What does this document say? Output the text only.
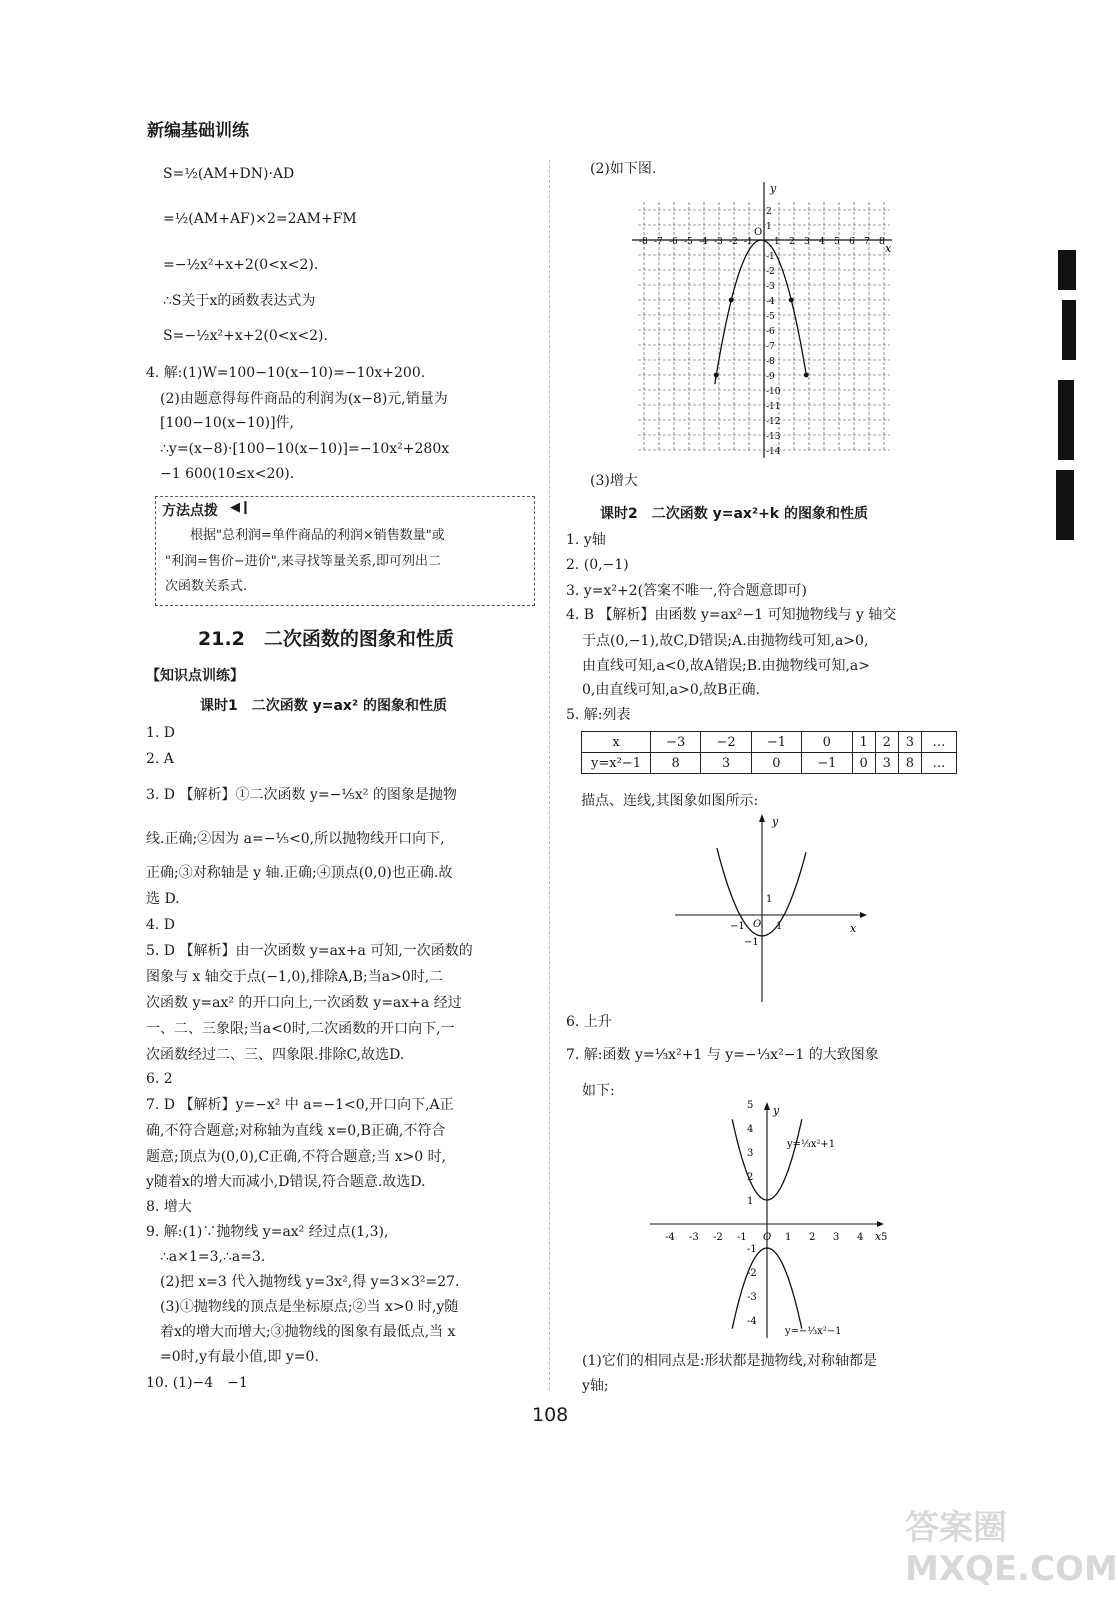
新编基础训练
S=½(AM+DN)·AD
=½(AM+AF)×2=2AM+FM
=−½x²+x+2(0<x<2).
∴S关于x的函数表达式为
S=−½x²+x+2(0<x<2).
4. 解:(1)W=100−10(x−10)=−10x+200.
(2)由题意得每件商品的利润为(x−8)元,销量为
[100−10(x−10)]件,
∴y=(x−8)·[100−10(x−10)]=−10x²+280x
−1 600(10≤x<20).
方法点拨 ◀❙
根据"总利润=单件商品的利润×销售数量"或
"利润=售价−进价",来寻找等量关系,即可列出二
次函数关系式.
21.2　二次函数的图象和性质
【知识点训练】
课时1　二次函数 y=ax² 的图象和性质
1. D
2. A
3. D 【解析】①二次函数 y=−⅕x² 的图象是抛物
线.正确;②因为 a=−⅕<0,所以抛物线开口向下,
正确;③对称轴是 y 轴.正确;④顶点(0,0)也正确.故
选 D.
4. D
5. D 【解析】由一次函数 y=ax+a 可知,一次函数的
图象与 x 轴交于点(−1,0),排除A,B;当a>0时,二
次函数 y=ax² 的开口向上,一次函数 y=ax+a 经过
一、二、三象限;当a<0时,二次函数的开口向下,一
次函数经过二、三、四象限.排除C,故选D.
6. 2
7. D 【解析】y=−x² 中 a=−1<0,开口向下,A正
确,不符合题意;对称轴为直线 x=0,B正确,不符合
题意;顶点为(0,0),C正确,不符合题意;当 x>0 时,
y随着x的增大而减小,D错误,符合题意.故选D.
8. 增大
9. 解:(1)∵抛物线 y=ax² 经过点(1,3),
∴a×1=3,∴a=3.
(2)把 x=3 代入抛物线 y=3x²,得 y=3×3²=27.
(3)①抛物线的顶点是坐标原点;②当 x>0 时,y随
着x的增大而增大;③抛物线的图象有最低点,当 x
=0时,y有最小值,即 y=0.
10. (1)−4　−1
(2)如下图.
x
y
O
-8 -7 -6 -5 -4 -3 -2 -1 1 2 3 4 5 6 7 8
2
1
-1
-2
-3
-4
-5
-6
-7
-8
-9
-10
-11
-12
-13
-14
(3)增大
课时2　二次函数 y=ax²+k 的图象和性质
1. y轴
2. (0,−1)
3. y=x²+2(答案不唯一,符合题意即可)
4. B 【解析】由函数 y=ax²−1 可知抛物线与 y 轴交
于点(0,−1),故C,D错误;A.由抛物线可知,a>0,
由直线可知,a<0,故A错误;B.由抛物线可知,a>
0,由直线可知,a>0,故B正确.
5. 解:列表
x	−3	−2	−1	0	1	2	3	…
y=x²−1	8	3	0	−1	0	3	8	…
描点、连线,其图象如图所示:
x
y
1
−1 O 1
−1
6. 上升
7. 解:函数 y=⅓x²+1 与 y=−⅓x²−1 的大致图象
如下:
x
y
O
-4 -3 -2 -1	1 2 3 4 5
5
4
3
2
1
-1
-2
-3
-4
y=⅓x²+1
y=−⅓x²−1
(1)它们的相同点是:形状都是抛物线,对称轴都是
y轴;
108
答案圈 MXQE.COM
